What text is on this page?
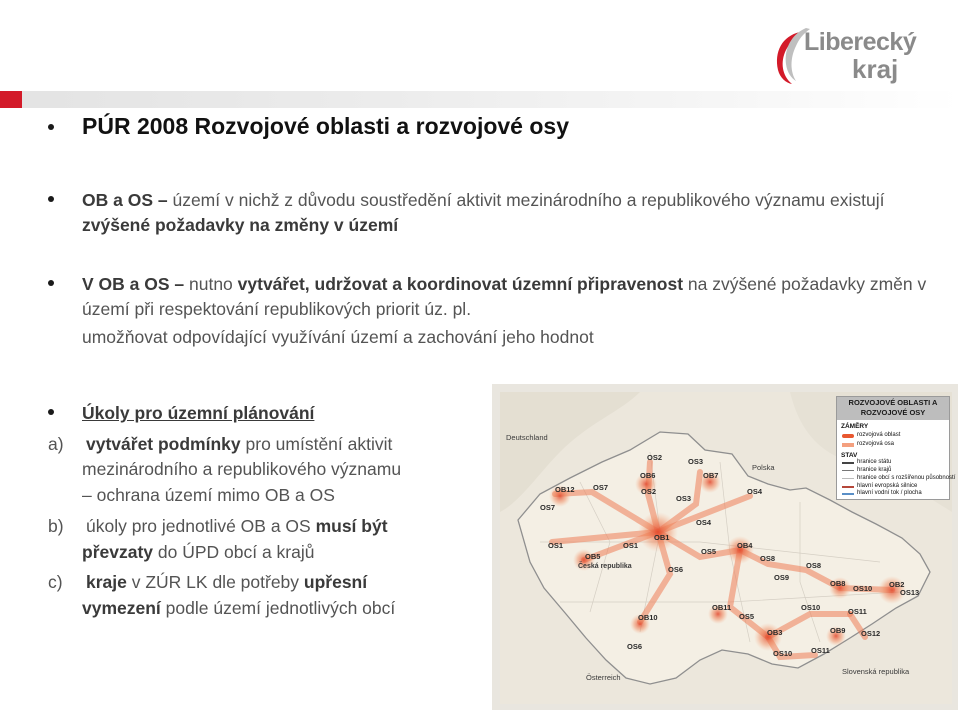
Liberecký
kraj
PÚR 2008 Rozvojové oblasti a rozvojové osy
OB a OS – území v nichž z důvodu soustředění aktivit mezinárodního a republikového významu existují zvýšené požadavky na změny v území
V OB a OS – nutno vytvářet, udržovat a koordinovat územní připravenost na zvýšené požadavky změn v území při respektování republikových priorit úz. pl.
umožňovat odpovídající využívání území a zachování jeho hodnot
Úkoly pro územní plánování
a) vytvářet podmínky pro umístění aktivit
mezinárodního a republikového významu
– ochrana území mimo OB a OS
b) úkoly pro jednotlivé OB a OS musí být
převzaty do ÚPD obcí a krajů
c) kraje v ZÚR LK dle potřeby upřesní
vymezení podle území jednotlivých obcí
Deutschland
Polska
Česká republika
Österreich
Slovenská republika
OS2	OS3
OB7
OB6
OB12 OS7	OS2	OS4
OS3
OS7
OS4
OB1
OS1	OS1	OB4
OB5
OS5
OS8
OS6	OS8
OS9
OB8
OS10 OB2
OS13
OB11	OS10	OS11
OB10	OS5
OB3	OB9 OS12
OS6
OS10	OS11
ROZVOJOVÉ OBLASTI A ROZVOJOVÉ OSY
ZÁMĚRY
rozvojová oblast
rozvojová osa
STAV
hranice státu
hranice krajů
hranice obcí s rozšířenou působností
hlavní evropská silnice
hlavní vodní tok / plocha
